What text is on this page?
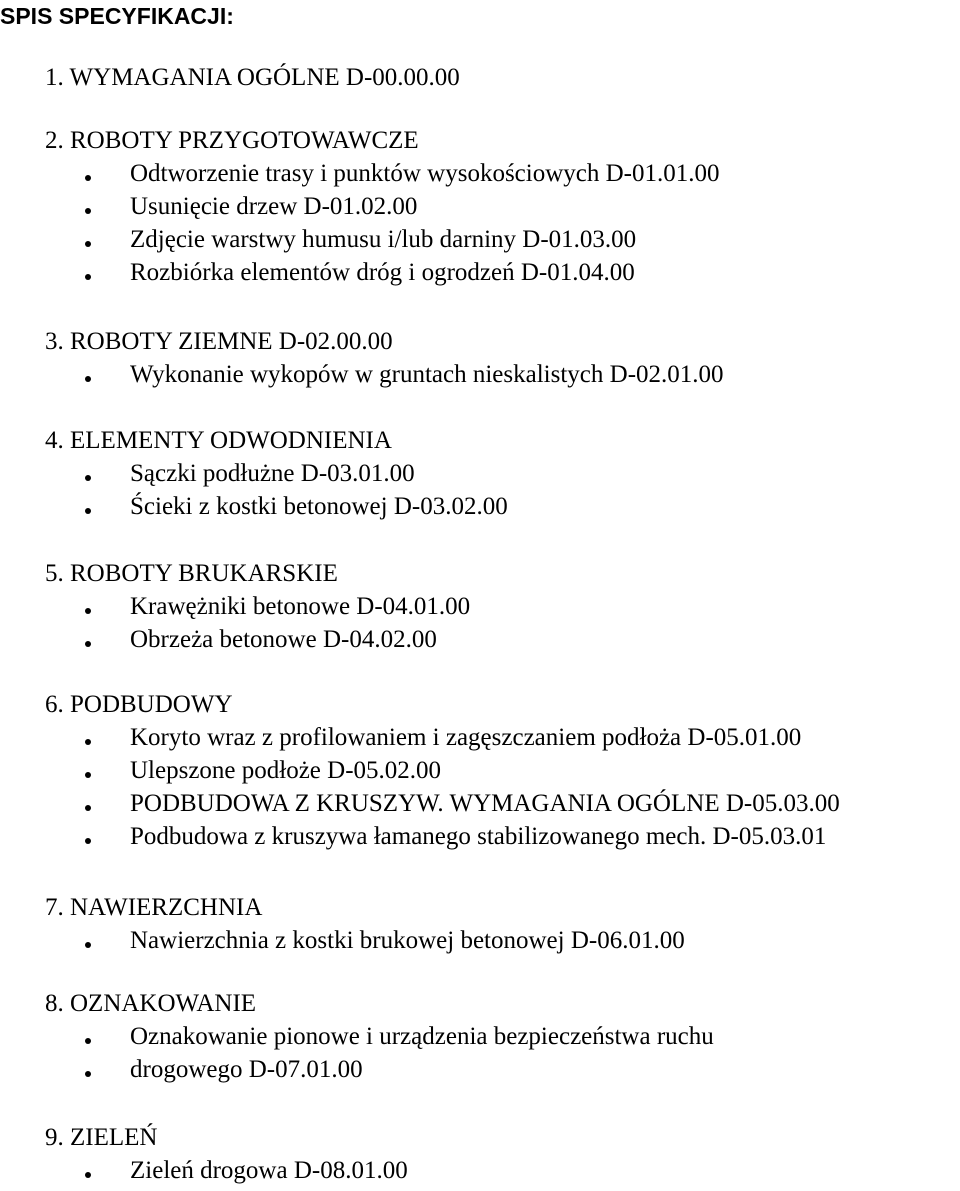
SPIS SPECYFIKACJI:
1. WYMAGANIA OGÓLNE D-00.00.00
2. ROBOTY PRZYGOTOWAWCZE
Odtworzenie trasy i punktów wysokościowych D-01.01.00
Usunięcie drzew D-01.02.00
Zdjęcie warstwy humusu i/lub darniny D-01.03.00
Rozbiórka elementów dróg i ogrodzeń D-01.04.00
3. ROBOTY ZIEMNE D-02.00.00
Wykonanie wykopów w gruntach nieskalistych D-02.01.00
4. ELEMENTY ODWODNIENIA
Sączki podłużne D-03.01.00
Ścieki z kostki betonowej D-03.02.00
5. ROBOTY BRUKARSKIE
Krawężniki betonowe D-04.01.00
Obrzeża betonowe D-04.02.00
6. PODBUDOWY
Koryto wraz z profilowaniem i zagęszczaniem podłoża D-05.01.00
Ulepszone podłoże D-05.02.00
PODBUDOWA Z KRUSZYW. WYMAGANIA OGÓLNE D-05.03.00
Podbudowa z kruszywa łamanego stabilizowanego mech. D-05.03.01
7. NAWIERZCHNIA
Nawierzchnia z kostki brukowej betonowej D-06.01.00
8. OZNAKOWANIE
Oznakowanie pionowe i urządzenia bezpieczeństwa ruchu
drogowego D-07.01.00
9. ZIELEŃ
Zieleń drogowa D-08.01.00
